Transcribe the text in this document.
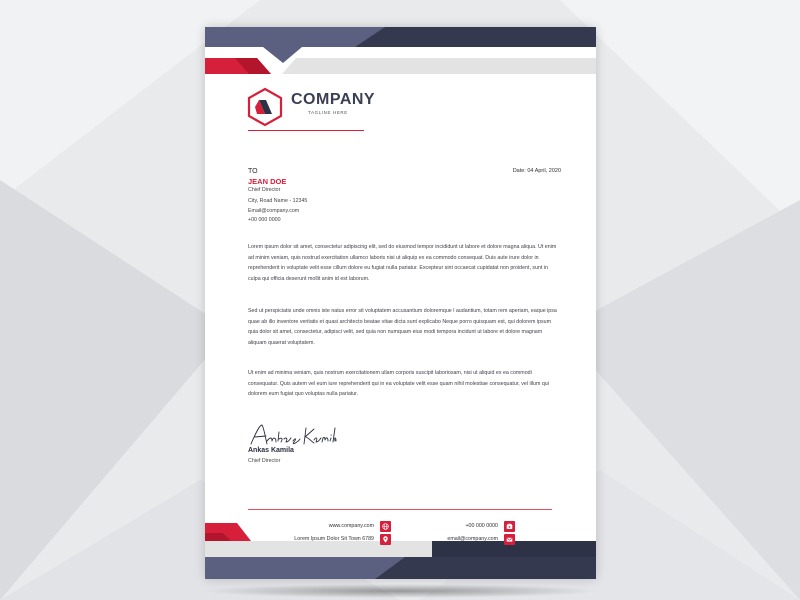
COMPANY
TAGLINE HERE
TO	Date: 04 April, 2020
JEAN DOE
Chief Director
City, Road Name - 12345
Email@company.com
+00 000 0000

Lorem ipsum dolor sit amet, consectetur adipiscing elit, sed do eiusmod tempor incididunt ut labore et dolore magna aliqua. Ut enim ad minim veniam, quis nostrud exercitation ullamco laboris nisi ut aliquip ex ea commodo consequat. Duis aute irure dolor in reprehenderit in voluptate velit esse cillum dolore eu fugiat nulla pariatur. Excepteur sint occaecat cupidatat non proident, sunt in culpa qui officia deserunt mollit anim id est laborum.

Sed ut perspiciatis unde omnis iste natus error sit voluptatem accusantium doloremque l audantium, totam rem aperiam, eaque ipsa quae ab illo inventore veritatis et quasi architecto beatae vitae dicta sunt explicabo Neque porro quisquam est, qui dolorem ipsum quia dolor sit amet, consectetur, adipisci velit, sed quia non numquam eius modi tempora incidunt ut labore et dolore magnam aliquam quaerat voluptatem.

Ut enim ad minima veniam, quis nostrum exercitationem ullam corporis suscipit laboriosam, nisi ut aliquid ex ea commodi consequatur. Quis autem vel eum iure reprehenderit qui in ea voluptate velit esse quam nihil molestiae consequatur, vel illum qui dolorem eum fugiat quo voluptas nulla pariatur.

Ankas Kamila
Chief Director
www.company.com
Lorem Ipsum Dolor Sit Town 6789
+00 000 0000
email@company.com
